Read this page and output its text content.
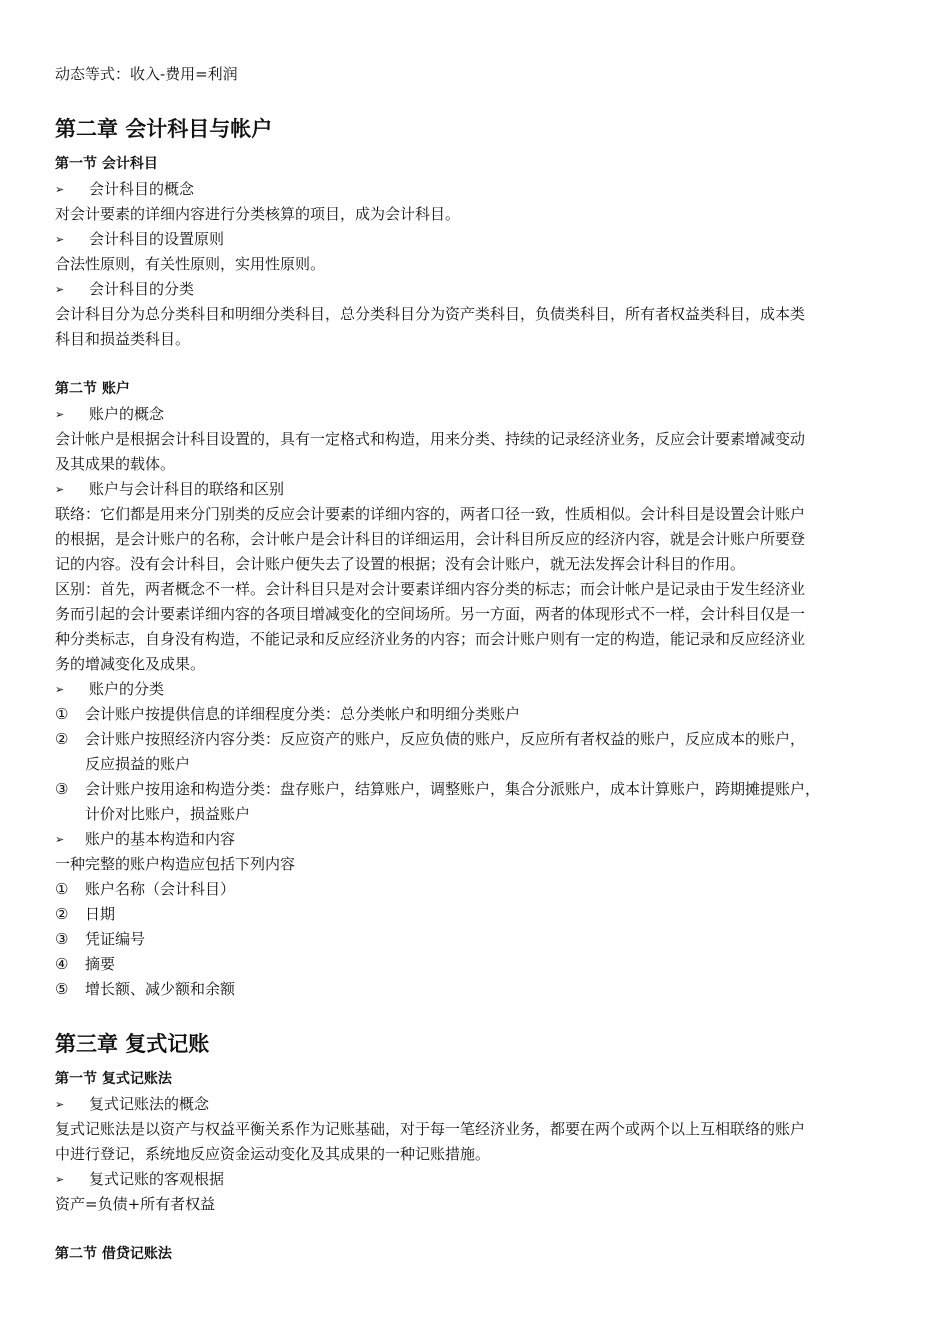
动态等式：收入-费用=利润

第二章 会计科目与帐户
第一节 会计科目
➢	会计科目的概念

对会计要素的详细内容进行分类核算的项目，成为会计科目。

➢	会计科目的设置原则

合法性原则，有关性原则，实用性原则。

➢	会计科目的分类

会计科目分为总分类科目和明细分类科目，总分类科目分为资产类科目，负债类科目，所有者权益类科目，成本类

科目和损益类科目。

第二节 账户
➢	账户的概念

会计帐户是根据会计科目设置的，具有一定格式和构造，用来分类、持续的记录经济业务，反应会计要素增减变动

及其成果的载体。

➢	账户与会计科目的联络和区别

联络：它们都是用来分门别类的反应会计要素的详细内容的，两者口径一致，性质相似。会计科目是设置会计账户

的根据，是会计账户的名称，会计帐户是会计科目的详细运用，会计科目所反应的经济内容，就是会计账户所要登

记的内容。没有会计科目，会计账户便失去了设置的根据；没有会计账户，就无法发挥会计科目的作用。

区别：首先，两者概念不一样。会计科目只是对会计要素详细内容分类的标志；而会计帐户是记录由于发生经济业

务而引起的会计要素详细内容的各项目增减变化的空间场所。另一方面，两者的体现形式不一样，会计科目仅是一

种分类标志，自身没有构造，不能记录和反应经济业务的内容；而会计账户则有一定的构造，能记录和反应经济业

务的增减变化及成果。

➢	账户的分类
①	会计账户按提供信息的详细程度分类：总分类帐户和明细分类账户
②	会计账户按照经济内容分类：反应资产的账户，反应负债的账户，反应所有者权益的账户，反应成本的账户，
反应损益的账户
③	会计账户按用途和构造分类：盘存账户，结算账户，调整账户，集合分派账户，成本计算账户，跨期摊提账户，
计价对比账户，损益账户
➢	账户的基本构造和内容

一种完整的账户构造应包括下列内容

①	账户名称（会计科目）
②	日期
③	凭证编号
④	摘要
⑤	增长额、减少额和余额
第三章 复式记账
第一节 复式记账法
➢	复式记账法的概念

复式记账法是以资产与权益平衡关系作为记账基础，对于每一笔经济业务，都要在两个或两个以上互相联络的账户

中进行登记，系统地反应资金运动变化及其成果的一种记账措施。

➢	复式记账的客观根据

资产=负债+所有者权益

第二节 借贷记账法
